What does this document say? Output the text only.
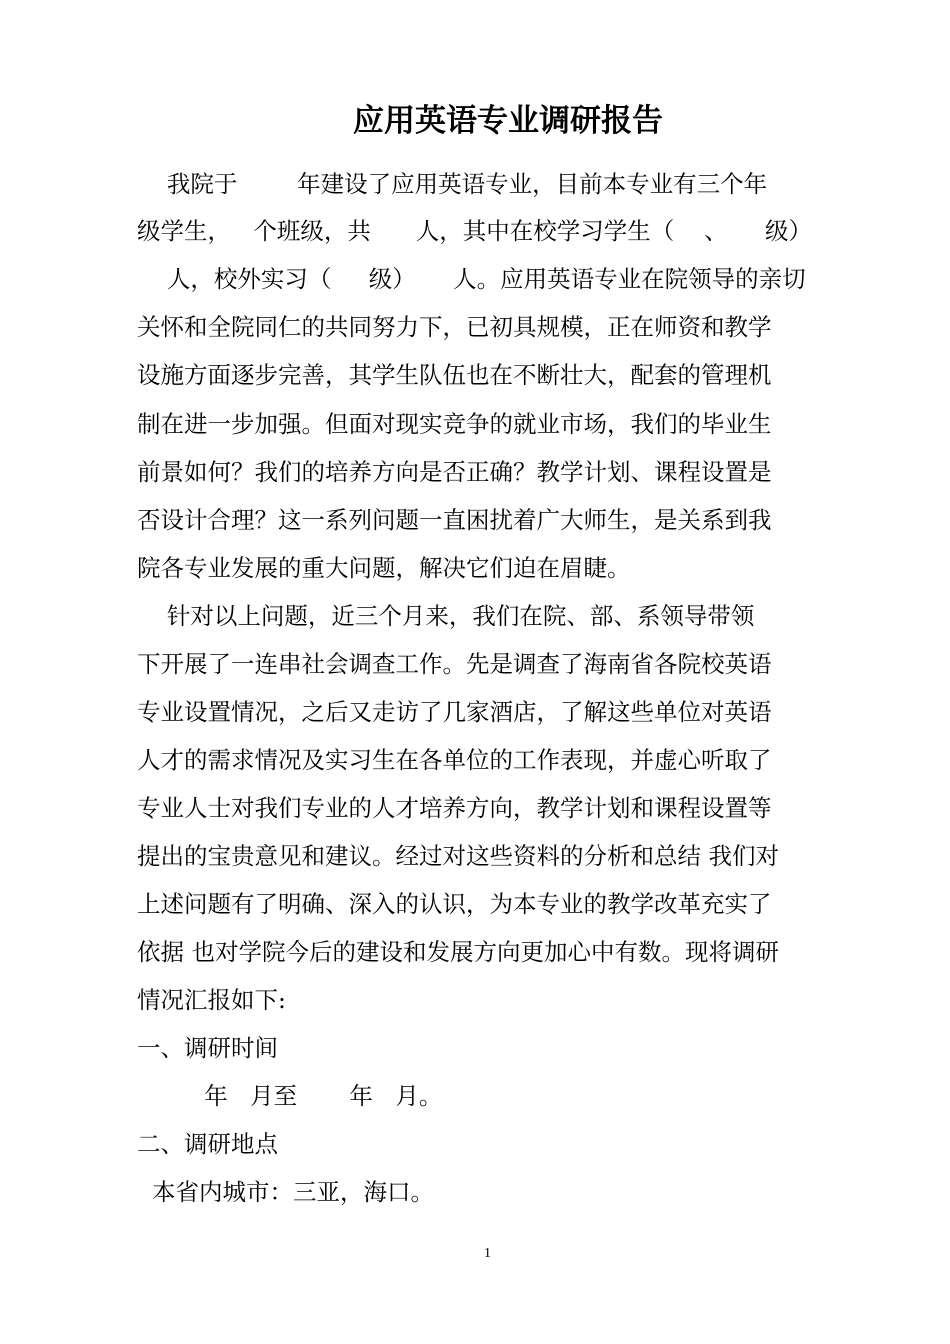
应用英语专业调研报告
我院于        年建设了应用英语专业，目前本专业有三个年
级学生，   个班级，共      人，其中在校学习学生（    、     级）
人，校外实习（     级）     人。应用英语专业在院领导的亲切
关怀和全院同仁的共同努力下，已初具规模，正在师资和教学
设施方面逐步完善，其学生队伍也在不断壮大，配套的管理机
制在进一步加强。但面对现实竞争的就业市场，我们的毕业生
前景如何？我们的培养方向是否正确？教学计划、课程设置是
否设计合理？这一系列问题一直困扰着广大师生，是关系到我
院各专业发展的重大问题，解决它们迫在眉睫。
针对以上问题，近三个月来，我们在院、部、系领导带领
下开展了一连串社会调查工作。先是调查了海南省各院校英语
专业设置情况，之后又走访了几家酒店，了解这些单位对英语
人才的需求情况及实习生在各单位的工作表现，并虚心听取了
专业人士对我们专业的人才培养方向，教学计划和课程设置等
提出的宝贵意见和建议。经过对这些资料的分析和总结 我们对
上述问题有了明确、深入的认识，为本专业的教学改革充实了
依据 也对学院今后的建设和发展方向更加心中有数。现将调研
情况汇报如下:
一、调研时间
年   月至       年   月。
二、调研地点
本省内城市：三亚，海口。
1
